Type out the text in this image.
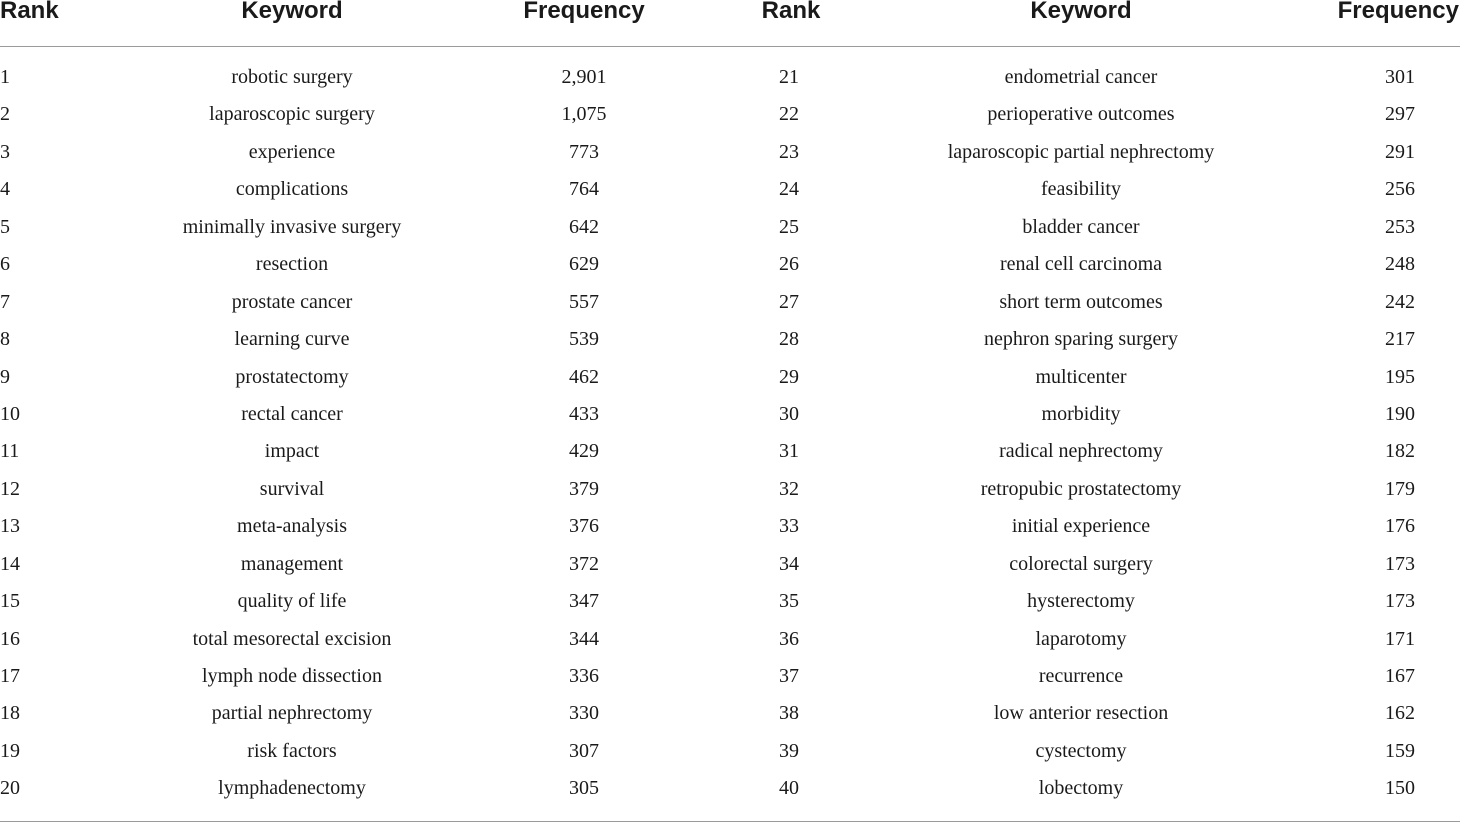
Rank	Keyword	Frequency	Rank	Keyword	Frequency
1	robotic surgery	2,901	21	endometrial cancer	301
2	laparoscopic surgery	1,075	22	perioperative outcomes	297
3	experience	773	23	laparoscopic partial nephrectomy	291
4	complications	764	24	feasibility	256
5	minimally invasive surgery	642	25	bladder cancer	253
6	resection	629	26	renal cell carcinoma	248
7	prostate cancer	557	27	short term outcomes	242
8	learning curve	539	28	nephron sparing surgery	217
9	prostatectomy	462	29	multicenter	195
10	rectal cancer	433	30	morbidity	190
11	impact	429	31	radical nephrectomy	182
12	survival	379	32	retropubic prostatectomy	179
13	meta-analysis	376	33	initial experience	176
14	management	372	34	colorectal surgery	173
15	quality of life	347	35	hysterectomy	173
16	total mesorectal excision	344	36	laparotomy	171
17	lymph node dissection	336	37	recurrence	167
18	partial nephrectomy	330	38	low anterior resection	162
19	risk factors	307	39	cystectomy	159
20	lymphadenectomy	305	40	lobectomy	150
